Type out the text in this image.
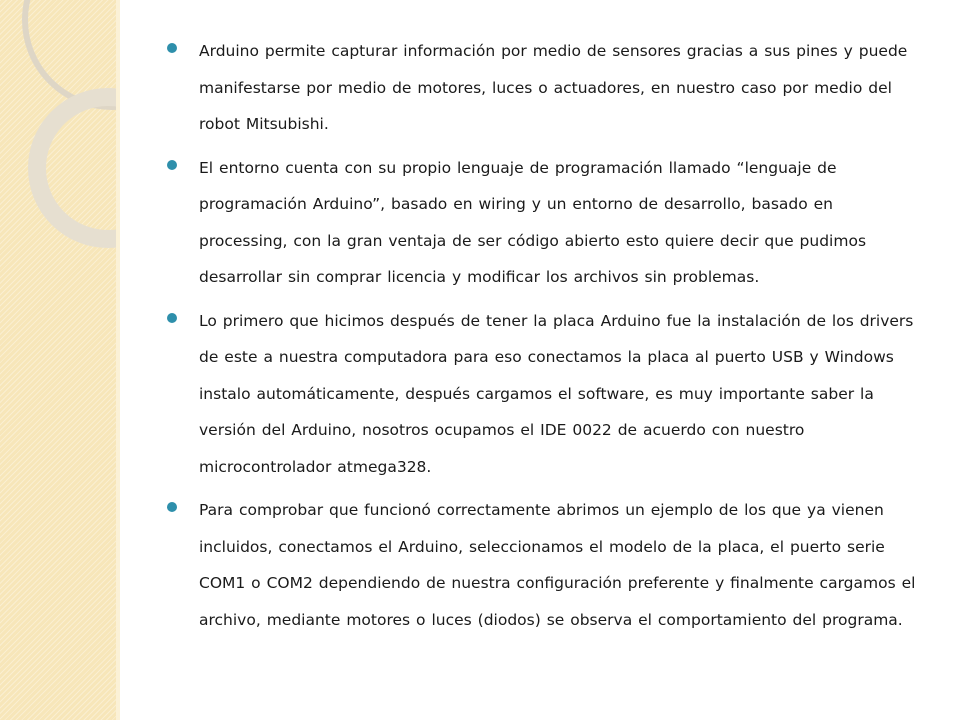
Arduino permite capturar información por medio de sensores gracias a sus pines y puede manifestarse por medio de motores, luces o actuadores, en nuestro caso por medio del robot Mitsubishi.
El entorno cuenta con su propio lenguaje de programación llamado “lenguaje de programación Arduino”, basado en wiring y un entorno de desarrollo, basado en processing, con la gran ventaja de ser código abierto esto quiere decir que pudimos desarrollar sin comprar licencia y modificar los archivos sin problemas.
Lo primero que hicimos después de tener la placa Arduino fue la instalación de los drivers de este a nuestra computadora para eso conectamos la placa al puerto USB y Windows instalo automáticamente, después cargamos el software, es muy importante saber la versión del Arduino, nosotros ocupamos el IDE 0022 de acuerdo con nuestro microcontrolador atmega328.
Para comprobar que funcionó correctamente abrimos un ejemplo de los que ya vienen incluidos, conectamos el Arduino, seleccionamos el modelo de la placa, el puerto serie COM1 o COM2 dependiendo de nuestra configuración preferente y finalmente cargamos el archivo, mediante motores o luces (diodos) se observa el comportamiento del programa.
